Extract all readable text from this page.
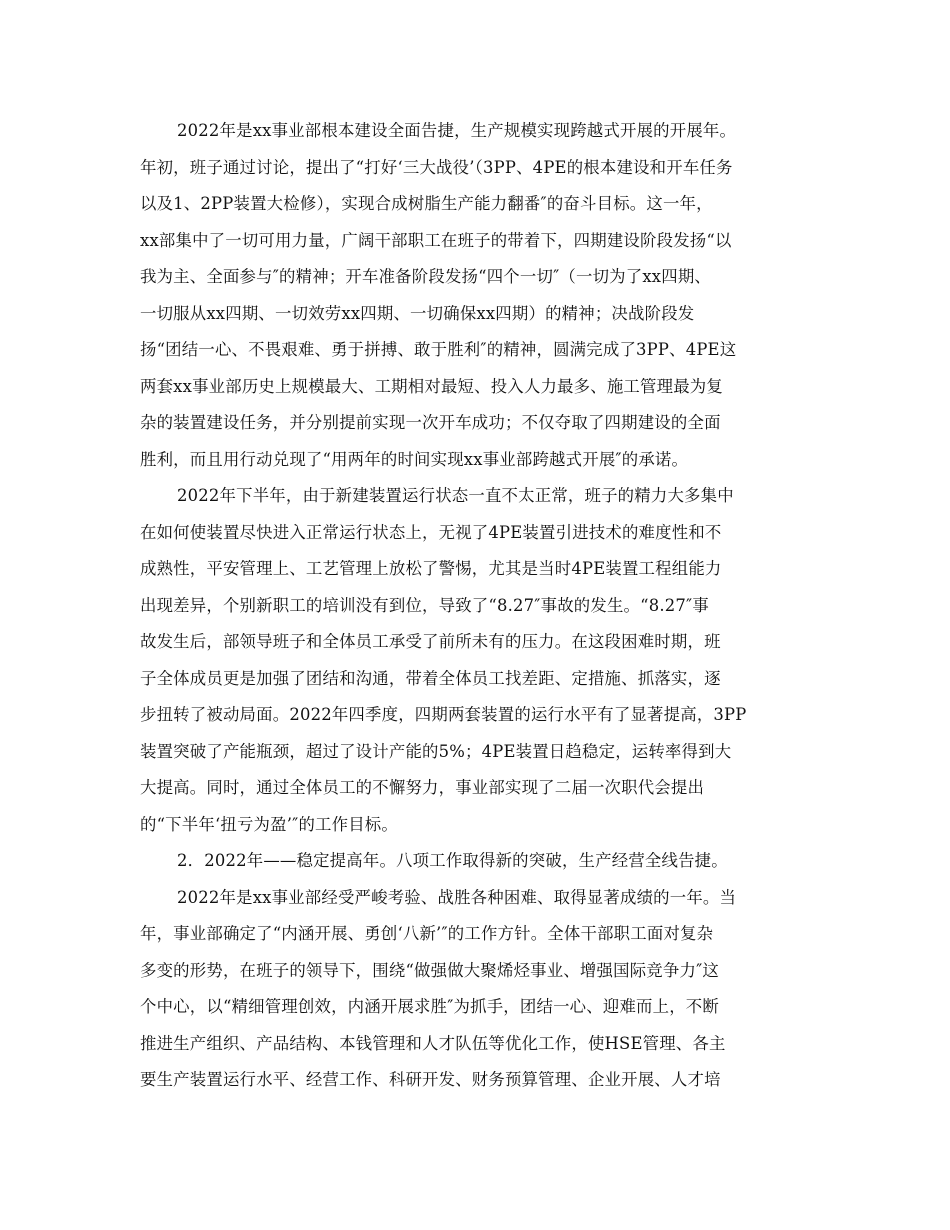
2022年是xx事业部根本建设全面告捷，生产规模实现跨越式开展的开展年。
年初，班子通过讨论，提出了“打好‘三大战役’（3PP、4PE的根本建设和开车任务
以及1、2PP装置大检修），实现合成树脂生产能力翻番″的奋斗目标。这一年，
xx部集中了一切可用力量，广阔干部职工在班子的带着下，四期建设阶段发扬“以
我为主、全面参与″的精神；开车准备阶段发扬“四个一切″（一切为了xx四期、
一切服从xx四期、一切效劳xx四期、一切确保xx四期）的精神；决战阶段发
扬“团结一心、不畏艰难、勇于拼搏、敢于胜利″的精神，圆满完成了3PP、4PE这
两套xx事业部历史上规模最大、工期相对最短、投入人力最多、施工管理最为复
杂的装置建设任务，并分别提前实现一次开车成功；不仅夺取了四期建设的全面
胜利，而且用行动兑现了“用两年的时间实现xx事业部跨越式开展″的承诺。
2022年下半年，由于新建装置运行状态一直不太正常，班子的精力大多集中
在如何使装置尽快进入正常运行状态上，无视了4PE装置引进技术的难度性和不
成熟性，平安管理上、工艺管理上放松了警惕，尤其是当时4PE装置工程组能力
出现差异，个别新职工的培训没有到位，导致了“8.27″事故的发生。“8.27″事
故发生后，部领导班子和全体员工承受了前所未有的压力。在这段困难时期，班
子全体成员更是加强了团结和沟通，带着全体员工找差距、定措施、抓落实，逐
步扭转了被动局面。2022年四季度，四期两套装置的运行水平有了显著提高，3PP
装置突破了产能瓶颈，超过了设计产能的5%；4PE装置日趋稳定，运转率得到大
大提高。同时，通过全体员工的不懈努力，事业部实现了二届一次职代会提出
的“下半年‘扭亏为盈’″的工作目标。
2．2022年——稳定提高年。八项工作取得新的突破，生产经营全线告捷。
2022年是xx事业部经受严峻考验、战胜各种困难、取得显著成绩的一年。当
年，事业部确定了“内涵开展、勇创‘八新’″的工作方针。全体干部职工面对复杂
多变的形势，在班子的领导下，围绕“做强做大聚烯烃事业、增强国际竞争力″这
个中心，以“精细管理创效，内涵开展求胜″为抓手，团结一心、迎难而上，不断
推进生产组织、产品结构、本钱管理和人才队伍等优化工作，使HSE管理、各主
要生产装置运行水平、经营工作、科研开发、财务预算管理、企业开展、人才培
